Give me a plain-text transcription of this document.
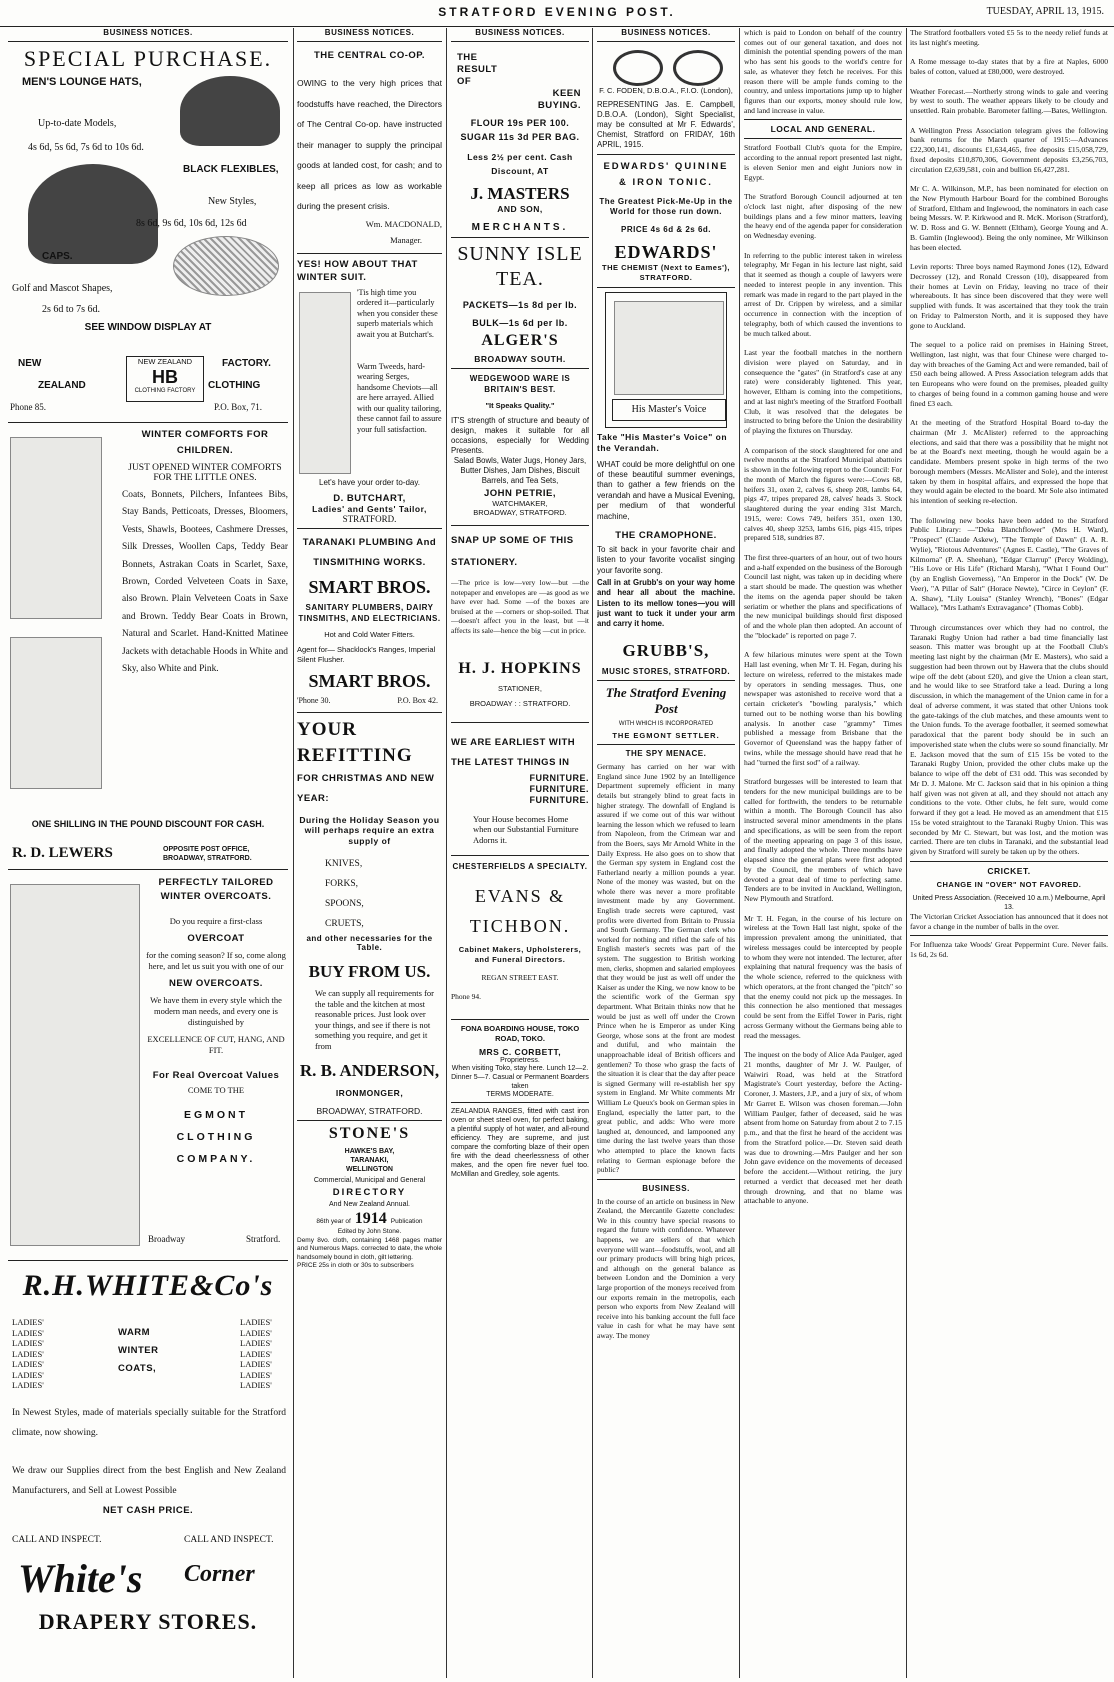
STRATFORD EVENING POST.	TUESDAY, APRIL 13, 1915.
BUSINESS NOTICES.
SPECIAL PURCHASE.
MEN'S LOUNGE HATS,
Up-to-date Models,
4s 6d, 5s 6d, 7s 6d to 10s 6d.
BLACK FLEXIBLES,
New Styles,
8s 6d, 9s 6d, 10s 6d, 12s 6d
CAPS.
Golf and Mascot Shapes,
2s 6d to 7s 6d.
SEE WINDOW DISPLAY AT
NEW	FACTORY.
ZEALAND	CLOTHING
NEW ZEALAND
HB
CLOTHING FACTORY
Phone 85.	P.O. Box, 71.
WINTER COMFORTS FOR CHILDREN.
JUST OPENED WINTER COMFORTS FOR THE LITTLE ONES.
Coats, Bonnets, Pilchers, Infantees Bibs, Stay Bands, Petticoats, Dresses, Bloomers, Vests, Shawls, Bootees, Cashmere Dresses, Silk Dresses, Woollen Caps, Teddy Bear Bonnets, Astrakan Coats in Scarlet, Saxe, Brown, Corded Velveteen Coats in Saxe, also Brown. Plain Velveteen Coats in Saxe and Brown. Teddy Bear Coats in Brown, Natural and Scarlet. Hand-Knitted Matinee Jackets with detachable Hoods in White and Sky, also White and Pink.
ONE SHILLING IN THE POUND DISCOUNT FOR CASH.
R. D. LEWERS	OPPOSITE POST OFFICE, BROADWAY, STRATFORD.
PERFECTLY TAILORED WINTER OVERCOATS.
Do you require a first-class
OVERCOAT
for the coming season? If so, come along here, and let us suit you with one of our
NEW OVERCOATS.
We have them in every style which the modern man needs, and every one is distinguished by
EXCELLENCE OF CUT, HANG, AND FIT.
For Real Overcoat Values
COME TO THE
EGMONT CLOTHING COMPANY.
Broadway	Stratford.
R.H.WHITE&Co's
LADIES'
LADIES'
LADIES'
LADIES'
LADIES'
LADIES'
LADIES'
LADIES'
LADIES'
LADIES'
LADIES'
LADIES'
LADIES'
LADIES'
WARM
WINTER
COATS,
In Newest Styles, made of materials specially suitable for the Stratford climate, now showing.
We draw our Supplies direct from the best English and New Zealand Manufacturers, and Sell at Lowest Possible
NET CASH PRICE.
CALL AND INSPECT.	CALL AND INSPECT.
White's Corner
DRAPERY STORES.
BUSINESS NOTICES.
THE CENTRAL CO-OP.
OWING to the very high prices that foodstuffs have reached, the Directors of The Central Co-op. have instructed their manager to supply the principal goods at landed cost, for cash; and to keep all prices as low as workable during the present crisis.
Wm. MACDONALD,
Manager.
YES! HOW ABOUT THAT WINTER SUIT.
'Tis high time you ordered it—particularly when you consider these superb materials which await you at Butchart's.
Warm Tweeds, hard-wearing Serges, handsome Cheviots—all are here arrayed. Allied with our quality tailoring, these cannot fail to assure your full satisfaction.
Let's have your order to-day.
D. BUTCHART,
Ladies' and Gents' Tailor,
STRATFORD.
TARANAKI PLUMBING And TINSMITHING WORKS.
SMART BROS.
SANITARY PLUMBERS, DAIRY TINSMITHS, AND ELECTRICIANS.
Hot and Cold Water Fitters.
Agent for— Shacklock's Ranges, Imperial Silent Flusher.
SMART BROS.
'Phone 30.	P.O. Box 42.
YOUR REFITTING
FOR CHRISTMAS AND NEW YEAR:
During the Holiday Season you will perhaps require an extra supply of
KNIVES,
FORKS,
SPOONS,
CRUETS,
and other necessaries for the Table.
BUY FROM US.
We can supply all requirements for the table and the kitchen at most reasonable prices. Just look over your things, and see if there is not something you require, and get it from
R. B. ANDERSON,
IRONMONGER,
BROADWAY, STRATFORD.
STONE'S
HAWKE'S BAY, TARANAKI, WELLINGTON
Commercial, Municipal and General
DIRECTORY
And New Zealand Annual.
86th year of 1914 Publication
Edited by John Stone.
Demy 8vo. cloth, containing 1468 pages matter and Numerous Maps. corrected to date, the whole handsomely bound in cloth, gilt lettering.
PRICE 25s in cloth or 30s to subscribers
BUSINESS NOTICES.
THE RESULT OF
KEEN BUYING.
FLOUR 19s PER 100.
SUGAR 11s 3d PER BAG.
Less 2½ per cent. Cash Discount, AT
J. MASTERS
AND SON,
MERCHANTS.
SUNNY ISLE TEA.
PACKETS—1s 8d per lb.
BULK—1s 6d per lb.
ALGER'S
BROADWAY SOUTH.
WEDGEWOOD WARE IS BRITAIN'S BEST.
"It Speaks Quality."
IT'S strength of structure and beauty of design, makes it suitable for all occasions, especially for Wedding Presents.
Salad Bowls, Water Jugs, Honey Jars, Butter Dishes, Jam Dishes, Biscuit Barrels, and Tea Sets,
JOHN PETRIE,
WATCHMAKER,
BROADWAY, STRATFORD.
SNAP UP SOME OF THIS STATIONERY.
—The price is low—very low—but —the notepaper and envelopes are —as good as we have ever had. Some —of the boxes are bruised at the —corners or shop-soiled. That —doesn't affect you in the least, but —it affects its sale—hence the big —cut in price.
H. J. HOPKINS
STATIONER,
BROADWAY : : STRATFORD.
WE ARE EARLIEST WITH THE LATEST THINGS IN
FURNITURE. FURNITURE. FURNITURE.
Your House becomes Home when our Substantial Furniture Adorns it.
CHESTERFIELDS A SPECIALTY.
EVANS & TICHBON.
Cabinet Makers, Upholsterers, and Funeral Directors.
REGAN STREET EAST.
Phone 94.
FONA BOARDING HOUSE, TOKO ROAD, TOKO.
MRS C. CORBETT,
Proprietress.
When visiting Toko, stay here. Lunch 12—2. Dinner 5—7. Casual or Permanent Boarders taken
TERMS MODERATE.
ZEALANDIA RANGES, fitted with cast iron oven or sheet steel oven, for perfect baking, a plentiful supply of hot water, and all-round efficiency. They are supreme, and just compare the comforting blaze of their open fire with the dead cheerlessness of other makes, and the open fire never fuel too. McMillan and Gredley, sole agents.
BUSINESS NOTICES.
F. C. FODEN, D.B.O.A., F.I.O. (London),
REPRESENTING Jas. E. Campbell, D.B.O.A. (London), Sight Specialist, may be consulted at Mr F. Edwards', Chemist, Stratford on FRIDAY, 16th APRIL, 1915.
EDWARDS' QUININE & IRON TONIC.
The Greatest Pick-Me-Up in the World for those run down.
PRICE 4s 6d & 2s 6d.
EDWARDS'
THE CHEMIST (Next to Eames'), STRATFORD.
His Master's Voice
Take "His Master's Voice" on the Verandah.
WHAT could be more delightful on one of these beautiful summer evenings, than to gather a few friends on the verandah and have a Musical Evening, per medium of that wonderful machine,
THE CRAMOPHONE.
To sit back in your favorite chair and listen to your favorite vocalist singing your favorite song.
Call in at Grubb's on your way home and hear all about the machine. Listen to its mellow tones—you will just want to tuck it under your arm and carry it home.
GRUBB'S,
MUSIC STORES, STRATFORD.
The Stratford Evening Post
WITH WHICH IS INCORPORATED
THE EGMONT SETTLER.
THE SPY MENACE.
Germany has carried on her war with England since June 1902 by an Intelligence Department supremely efficient in many details but strangely blind to great facts in higher strategy. The downfall of England is assured if we come out of this war without learning the lesson which we refused to learn from Napoleon, from the Crimean war and from the Boers, says Mr Arnold White in the Daily Express. He also goes on to show that the German spy system in England cost the Fatherland nearly a million pounds a year. None of the money was wasted, but on the whole there was never a more profitable investment made by any Government. English trade secrets were captured, vast profits were diverted from Britain to Prussia and South Germany. The German clerk who worked for nothing and rifled the safe of his English master's secrets was part of the system. The suggestion to British working men, clerks, shopmen and salaried employees that they would be just as well off under the Kaiser as under the King, we now know to be the scientific work of the German spy department. What Britain thinks now that he would be just as well off under the Crown Prince when he is Emperor as under King George, whose sons at the front are modest and dutiful, and who maintain the unapproachable ideal of British officers and gentlemen? To those who grasp the facts of the situation it is clear that the day after peace is signed Germany will re-establish her spy system in England. Mr White comments Mr William Le Queux's book on German spies in England, especially the latter part, to the great public, and adds: Who were more laughed at, denounced, and lampooned any time during the last twelve years than those who attempted to place the known facts relating to German espionage before the public?
BUSINESS.
In the course of an article on business in New Zealand, the Mercantile Gazette concludes: We in this country have special reasons to regard the future with confidence. Whatever happens, we are sellers of that which everyone will want—foodstuffs, wool, and all our primary products will bring high prices, and although on the general balance as between London and the Dominion a very large proportion of the moneys received from our exports remain in the metropolis, each person who exports from New Zealand will receive into his banking account the full face value in cash for what he may have sent away. The money
which is paid to London on behalf of the country comes out of our general taxation, and does not diminish the potential spending powers of the man who has sent his goods to the world's centre for sale, as whatever they fetch he receives. For this reason there will be ample funds coming to the country, and unless importations jump up to higher figures than our exports, money should rule low, and land increase in value.
LOCAL AND GENERAL.
Stratford Football Club's quota for the Empire, according to the annual report presented last night, is eleven Senior men and eight Juniors now in Egypt.

The Stratford Borough Council adjourned at ten o'clock last night, after disposing of the new buildings plans and a few minor matters, leaving the heavy end of the agenda paper for consideration on Wednesday evening.

In referring to the public interest taken in wireless telegraphy, Mr Fegan in his lecture last night, said that it seemed as though a couple of lawyers were needed to interest people in any invention. This remark was made in regard to the part played in the arrest of Dr. Crippen by wireless, and a similar occurrence in connection with the inception of telegraphy, both of which caused the inventions to be much talked about.

Last year the football matches in the northern division were played on Saturday, and in consequence the "gates" (in Stratford's case at any rate) were considerably lightened. This year, however, Eltham is coming into the competitions, and at last night's meeting of the Stratford Football Club, it was resolved that the delegates be instructed to bring before the Union the desirability of playing the fixtures on Thursday.

A comparison of the stock slaughtered for one and twelve months at the Stratford Municipal abattoirs is shown in the following report to the Council: For the month of March the figures were:—Cows 68, heifers 31, oxen 2, calves 6, sheep 208, lambs 64, pigs 47, tripes prepared 28, calves' heads 3. Stock slaughtered during the year ending 31st March, 1915, were: Cows 749, heifers 351, oxen 130, calves 40, sheep 3253, lambs 616, pigs 415, tripes prepared 518, sundries 87.

The first three-quarters of an hour, out of two hours and a-half expended on the business of the Borough Council last night, was taken up in deciding where a start should be made. The question was whether the items on the agenda paper should be taken seriatim or whether the plans and specifications of the new municipal buildings should first disposed of and the whole plan then adopted. An account of the "blockade" is reported on page 7.

A few hilarious minutes were spent at the Town Hall last evening, when Mr T. H. Fegan, during his lecture on wireless, referred to the mistakes made by operators in sending messages. Thus, one newspaper was astonished to receive word that a certain cricketer's "bowling paralysis," which turned out to be nothing worse than his bowling analysis. In another case "grammy" Times published a message from Brisbane that the Governor of Queensland was the happy father of twins, while the message should have read that he had "turned the first sod" of a railway.

Stratford burgesses will be interested to learn that tenders for the new municipal buildings are to be called for forthwith, the tenders to be returnable within a month. The Borough Council has also instructed several minor amendments in the plans and specifications, as will be seen from the report of the meeting appearing on page 3 of this issue, and finally adopted the whole. Three months have elapsed since the general plans were first adopted by the Council, the members of which have devoted a great deal of time to perfecting same. Tenders are to be invited in Auckland, Wellington, New Plymouth and Stratford.

Mr T. H. Fegan, in the course of his lecture on wireless at the Town Hall last night, spoke of the impression prevalent among the uninitiated, that wireless messages could be intercepted by people to whom they were not intended. The lecturer, after explaining that natural frequency was the basis of the whole science, referred to the quickness with which operators, at the front changed the "pitch" so that the enemy could not pick up the messages. In this connection he also mentioned that messages could be sent from the Eiffel Tower in Paris, right across Germany without the Germans being able to read the messages.

The inquest on the body of Alice Ada Paulger, aged 21 months, daughter of Mr J. W. Paulger, of Waiwiri Road, was held at the Stratford Magistrate's Court yesterday, before the Acting-Coroner, J. Masters, J.P., and a jury of six, of whom Mr Garret E. Wilson was chosen foreman.—John William Paulger, father of deceased, said he was absent from home on Saturday from about 2 to 7.15 p.m., and that the first he heard of the accident was from the Stratford police.—Dr. Steven said death was due to drowning.—Mrs Paulger and her son John gave evidence on the movements of deceased before the accident.—Without retiring, the jury returned a verdict that deceased met her death through drowning, and that no blame was attachable to anyone.
The Stratford footballers voted £5 5s to the needy relief funds at its last night's meeting.

A Rome message to-day states that by a fire at Naples, 6000 bales of cotton, valued at £80,000, were destroyed.

Weather Forecast.—Northerly strong winds to gale and veering by west to south. The weather appears likely to be cloudy and unsettled. Rain probable. Barometer falling.—Bates, Wellington.

A Wellington Press Association telegram gives the following bank returns for the March quarter of 1915:—Advances £22,300,141, discounts £1,634,465, free deposits £15,058,729, fixed deposits £10,870,306, Government deposits £3,256,703, circulation £2,639,581, coin and bullion £6,427,281.

Mr C. A. Wilkinson, M.P., has been nominated for election on the New Plymouth Harbour Board for the combined Boroughs of Stratford, Eltham and Inglewood, the nominators in each case being Messrs. W. P. Kirkwood and R. McK. Morison (Stratford), W. D. Ross and G. W. Bennett (Eltham), George Young and A. B. Gamlin (Inglewood). Being the only nominee, Mr Wilkinson has been elected.

Levin reports: Three boys named Raymond Jones (12), Edward Decrossey (12), and Ronald Cresson (10), disappeared from their homes at Levin on Friday, leaving no trace of their whereabouts. It has since been discovered that they were well supplied with funds. It was ascertained that they took the train on Friday to Palmerston North, and it is supposed they have gone to Auckland.

The sequel to a police raid on premises in Haining Street, Wellington, last night, was that four Chinese were charged to-day with breaches of the Gaming Act and were remanded, bail of £50 each being allowed. A Press Association telegram adds that ten Europeans who were found on the premises, pleaded guilty to charges of being found in a common gaming house and were fined £3 each.

At the meeting of the Stratford Hospital Board to-day the chairman (Mr J. McAlister) referred to the approaching elections, and said that there was a possibility that he might not be at the Board's next meeting, though he would again be a candidate. Members present spoke in high terms of the two borough members (Messrs. McAlister and Sole), and the interest taken by them in hospital affairs, and expressed the hope that they would again be elected to the board. Mr Sole also intimated his intention of seeking re-election.

The following new books have been added to the Stratford Public Library: —"Deka Blanchflower" (Mrs H. Ward), "Prospect" (Claude Askew), "The Temple of Dawn" (I. A. R. Wylie), "Riotous Adventures" (Agnes E. Castle), "The Graves of Kilmorna" (P. A. Sheehan), "Edgar Clarrup" (Percy Wolding), "His Love or His Life" (Richard Marsh), "What I Found Out" (by an English Governess), "An Emperor in the Dock" (W. De Veer), "A Pillar of Salt" (Horace Newte), "Circe in Ceylon" (F. A. Shaw), "Lily Louisa" (Stanley Wrench), "Bones" (Edgar Wallace), "Mrs Latham's Extravagance" (Thomas Cobb).

Through circumstances over which they had no control, the Taranaki Rugby Union had rather a bad time financially last season. This matter was brought up at the Football Club's meeting last night by the chairman (Mr E. Masters), who said a suggestion had been thrown out by Hawera that the clubs should wipe off the debt (about £20), and give the Union a clean start, and he would like to see Stratford take a lead. During a long discussion, in which the management of the Union came in for a deal of adverse comment, it was stated that other Unions took the gate-takings of the club matches, and these amounts went to the Union funds. To the average footballer, it seemed somewhat paradoxical that the parent body should be in such an impoverished state when the clubs were so sound financially. Mr E. Jackson moved that the sum of £15 15s be voted to the Taranaki Rugby Union, provided the other clubs make up the balance to wipe off the debt of £31 odd. This was seconded by Mr D. J. Malone. Mr C. Jackson said that in his opinion a thing half given was not given at all, and they should not attach any conditions to the vote. Other clubs, he felt sure, would come forward if they got a lead. He moved as an amendment that £15 15s be voted straightout to the Taranaki Rugby Union. This was seconded by Mr C. Stewart, but was lost, and the motion was carried. There are ten clubs in Taranaki, and the substantial lead given by Stratford will surely be taken up by the others.
CRICKET.
CHANGE IN "OVER" NOT FAVORED.
United Press Association. (Received 10 a.m.) Melbourne, April 13.
The Victorian Cricket Association has announced that it does not favor a change in the number of balls in the over.
For Influenza take Woods' Great Peppermint Cure. Never fails. 1s 6d, 2s 6d.
